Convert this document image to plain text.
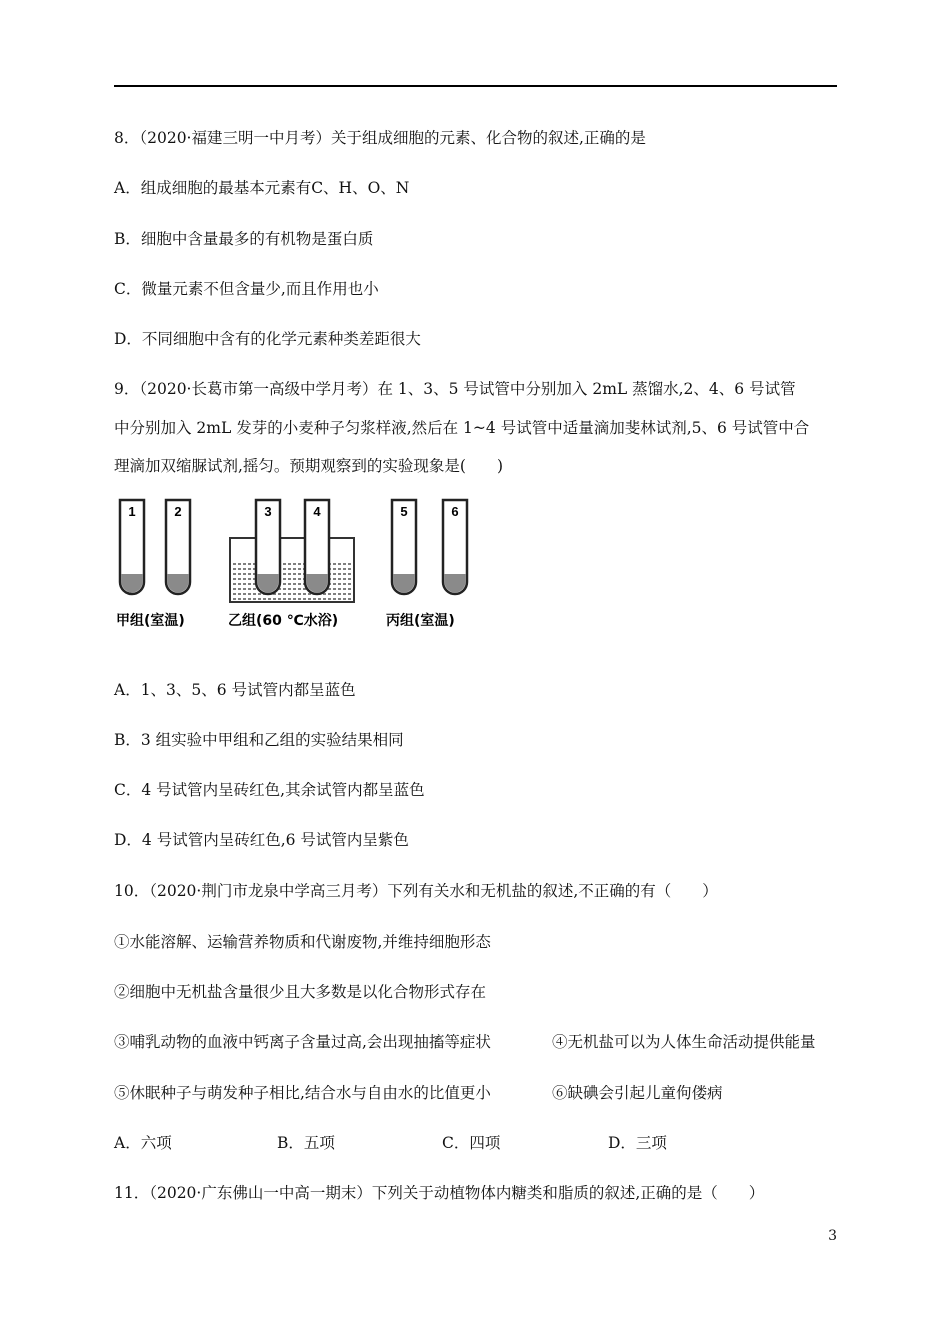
8．（2020·福建三明一中月考）关于组成细胞的元素、化合物的叙述,正确的是
A．组成细胞的最基本元素有C、H、O、N
B．细胞中含量最多的有机物是蛋白质
C．微量元素不但含量少,而且作用也小
D．不同细胞中含有的化学元素种类差距很大
9．（2020·长葛市第一高级中学月考）在 1、3、5 号试管中分别加入 2mL 蒸馏水,2、4、6 号试管
中分别加入 2mL 发芽的小麦种子匀浆样液,然后在 1~4 号试管中适量滴加斐林试剂,5、6 号试管中合
理滴加双缩脲试剂,摇匀。预期观察到的实验现象是(　　)
1	2	3	4	5	6
甲组(室温)	乙组(60 ℃水浴)	丙组(室温)
A．1、3、5、6 号试管内都呈蓝色
B．3 组实验中甲组和乙组的实验结果相同
C．4 号试管内呈砖红色,其余试管内都呈蓝色
D．4 号试管内呈砖红色,6 号试管内呈紫色
10．（2020·荆门市龙泉中学高三月考）下列有关水和无机盐的叙述,不正确的有（　　）
①水能溶解、运输营养物质和代谢废物,并维持细胞形态
②细胞中无机盐含量很少且大多数是以化合物形式存在
③哺乳动物的血液中钙离子含量过高,会出现抽搐等症状	④无机盐可以为人体生命活动提供能量
⑤休眠种子与萌发种子相比,结合水与自由水的比值更小	⑥缺碘会引起儿童佝偻病
A．六项	B．五项	C．四项	D．三项
11．（2020·广东佛山一中高一期末）下列关于动植物体内糖类和脂质的叙述,正确的是（　　）
3
